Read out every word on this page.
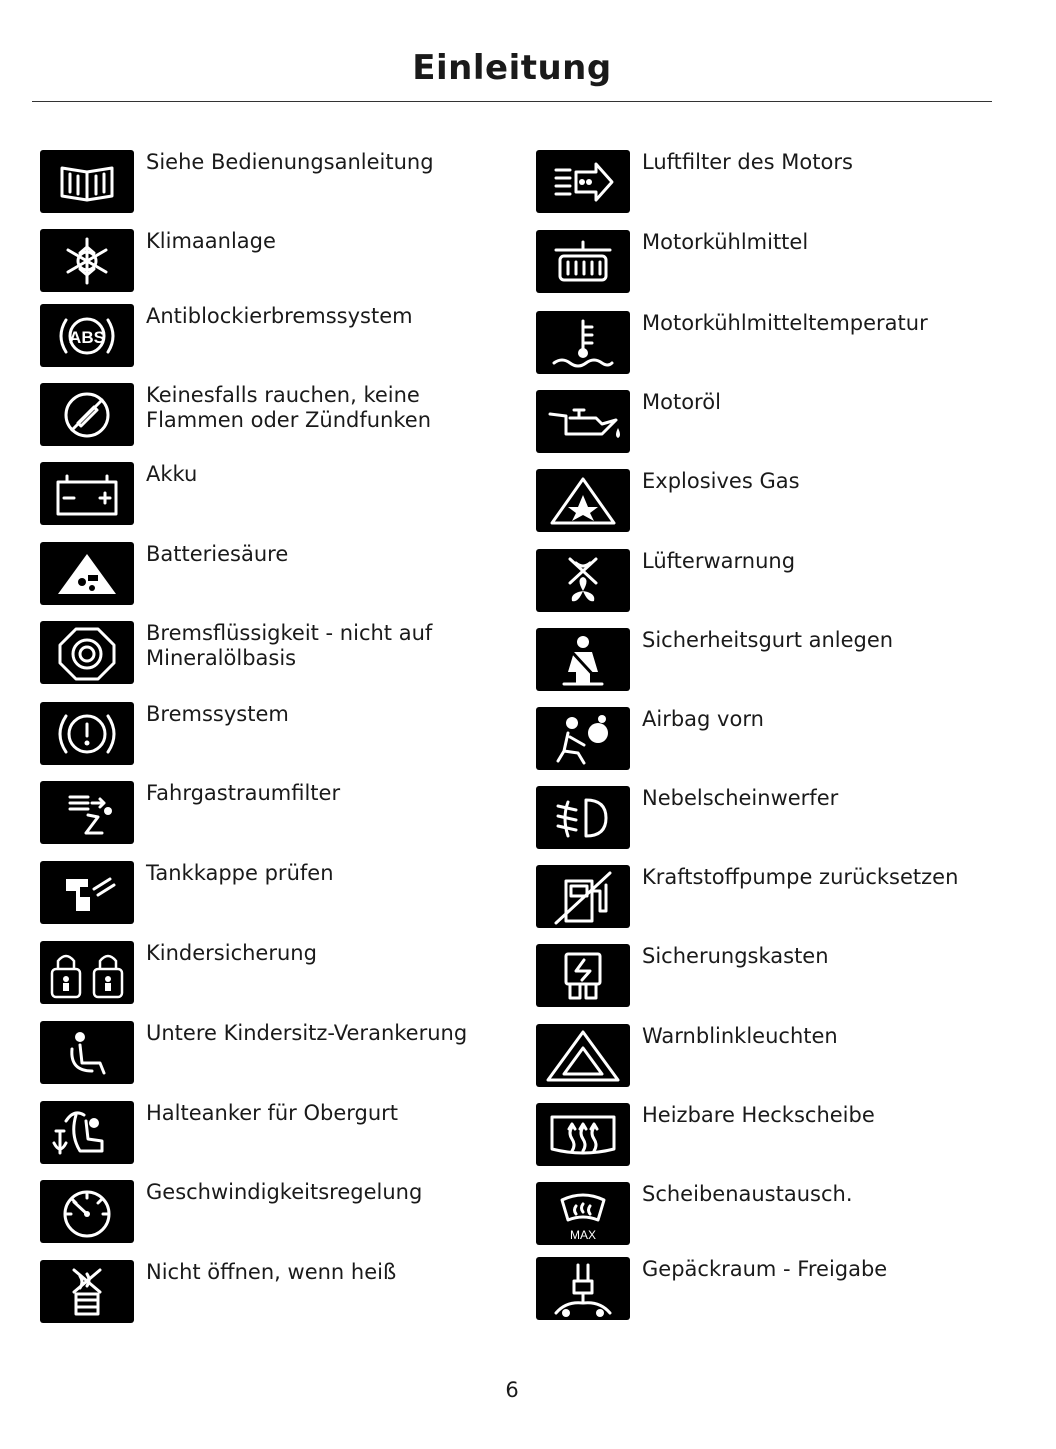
Einleitung
Siehe Bedienungsanleitung
Klimaanlage
ABS
Antiblockierbremssystem
Keinesfalls rauchen, keine
Flammen oder Zündfunken
Akku
Batteriesäure
Bremsflüssigkeit - nicht auf
Mineralölbasis
Bremssystem
Fahrgastraumfilter
Tankkappe prüfen
Kindersicherung
Untere Kindersitz-Verankerung
Halteanker für Obergurt
Geschwindigkeitsregelung
Nicht öffnen, wenn heiß
Luftfilter des Motors
Motorkühlmittel
Motorkühlmitteltemperatur
Motoröl
Explosives Gas
Lüfterwarnung
Sicherheitsgurt anlegen
Airbag vorn
Nebelscheinwerfer
Kraftstoffpumpe zurücksetzen
Sicherungskasten
Warnblinkleuchten
Heizbare Heckscheibe
MAX
Scheibenaustausch.
Gepäckraum - Freigabe
6
